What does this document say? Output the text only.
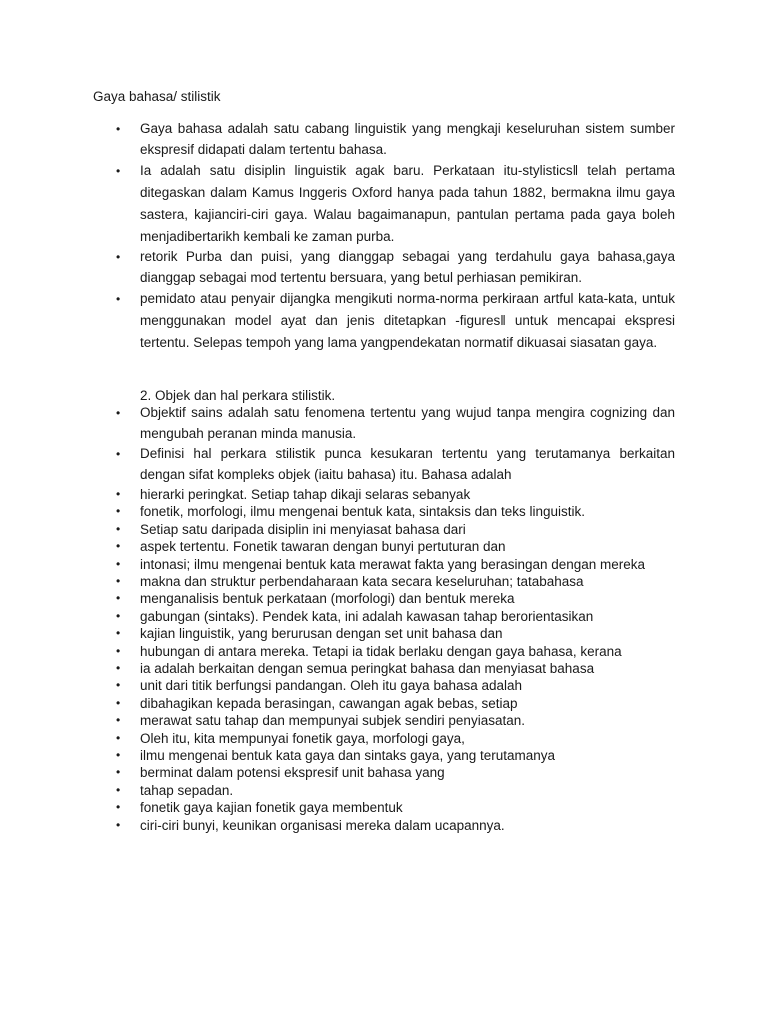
Gaya bahasa/ stilistik
• Gaya bahasa adalah satu cabang linguistik yang mengkaji keseluruhan sistem sumber ekspresif didapati dalam tertentu bahasa.
• Ia adalah satu disiplin linguistik agak baru. Perkataan itu-stylistics‖ telah pertama ditegaskan dalam Kamus Inggeris Oxford hanya pada tahun 1882, bermakna ilmu gaya sastera, kajianciri-ciri gaya. Walau bagaimanapun, pantulan pertama pada gaya boleh menjadibertarikh kembali ke zaman purba.
• retorik Purba dan puisi, yang dianggap sebagai yang terdahulu gaya bahasa,gaya dianggap sebagai mod tertentu bersuara, yang betul perhiasan pemikiran.
• pemidato atau penyair dijangka mengikuti norma-norma perkiraan artful kata-kata, untuk menggunakan model ayat dan jenis ditetapkan -figures‖ untuk mencapai ekspresi tertentu. Selepas tempoh yang lama yangpendekatan normatif dikuasai siasatan gaya.
2. Objek dan hal perkara stilistik.
• Objektif sains adalah satu fenomena tertentu yang wujud tanpa mengira cognizing dan mengubah peranan minda manusia.
• Definisi hal perkara stilistik punca kesukaran tertentu yang terutamanya berkaitan dengan sifat kompleks objek (iaitu bahasa) itu. Bahasa adalah
• hierarki peringkat. Setiap tahap dikaji selaras sebanyak
• fonetik, morfologi, ilmu mengenai bentuk kata, sintaksis dan teks linguistik.
• Setiap satu daripada disiplin ini menyiasat bahasa dari
• aspek tertentu. Fonetik tawaran dengan bunyi pertuturan dan
• intonasi; ilmu mengenai bentuk kata merawat fakta yang berasingan dengan mereka
• makna dan struktur perbendaharaan kata secara keseluruhan; tatabahasa
• menganalisis bentuk perkataan (morfologi) dan bentuk mereka
• gabungan (sintaks). Pendek kata, ini adalah kawasan tahap berorientasikan
• kajian linguistik, yang berurusan dengan set unit bahasa dan
• hubungan di antara mereka. Tetapi ia tidak berlaku dengan gaya bahasa, kerana
• ia adalah berkaitan dengan semua peringkat bahasa dan menyiasat bahasa
• unit dari titik berfungsi pandangan. Oleh itu gaya bahasa adalah
• dibahagikan kepada berasingan, cawangan agak bebas, setiap
• merawat satu tahap dan mempunyai subjek sendiri penyiasatan.
• Oleh itu, kita mempunyai fonetik gaya, morfologi gaya,
• ilmu mengenai bentuk kata gaya dan sintaks gaya, yang terutamanya
• berminat dalam potensi ekspresif unit bahasa yang
• tahap sepadan.
• fonetik gaya kajian fonetik gaya membentuk
• ciri-ciri bunyi, keunikan organisasi mereka dalam ucapannya.
